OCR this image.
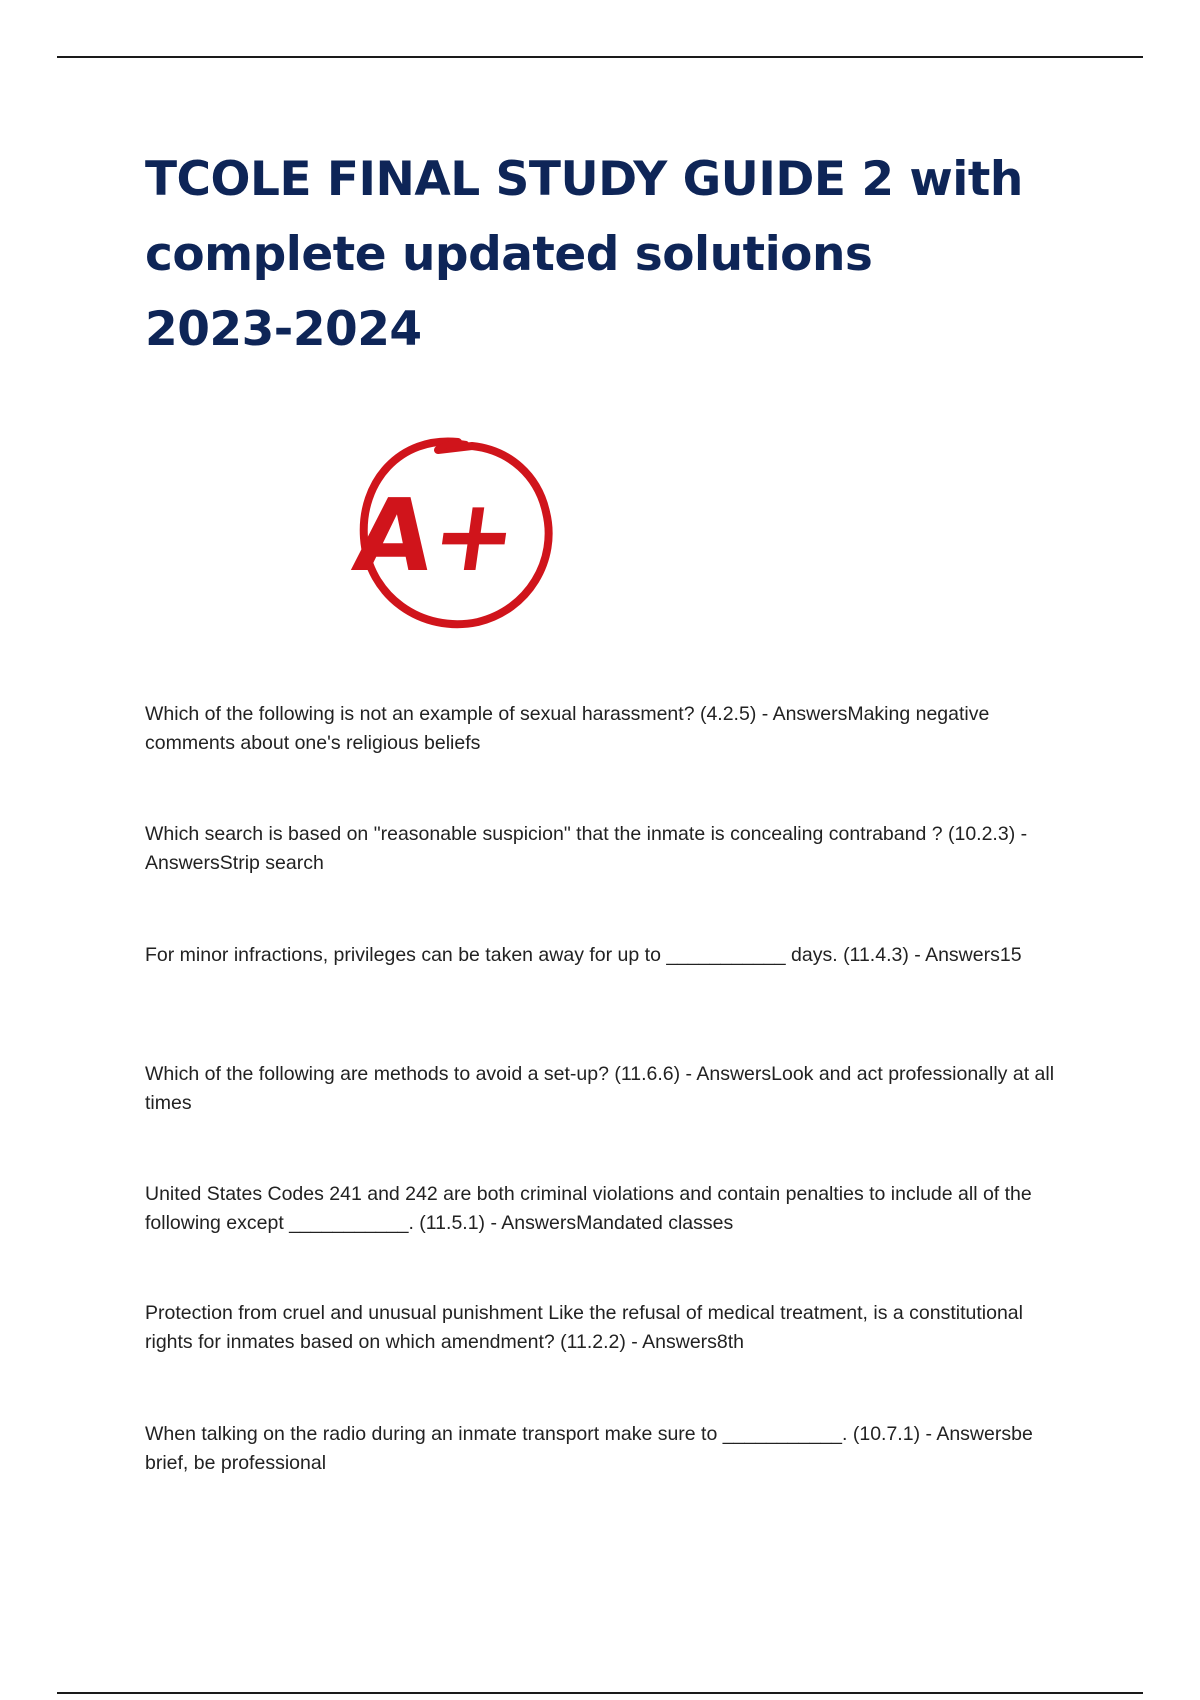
TCOLE FINAL STUDY GUIDE 2 with complete updated solutions 2023-2024
A+

Which of the following is not an example of sexual harassment? (4.2.5) - AnswersMaking negative comments about one's religious beliefs

Which search is based on "reasonable suspicion" that the inmate is concealing contraband ? (10.2.3) - AnswersStrip search

For minor infractions, privileges can be taken away for up to ___________ days. (11.4.3) - Answers15

Which of the following are methods to avoid a set-up? (11.6.6) - AnswersLook and act professionally at all times

United States Codes 241 and 242 are both criminal violations and contain penalties to include all of the following except ___________. (11.5.1) - AnswersMandated classes

Protection from cruel and unusual punishment Like the refusal of medical treatment, is a constitutional rights for inmates based on which amendment? (11.2.2) - Answers8th

When talking on the radio during an inmate transport make sure to ___________. (10.7.1) - Answersbe brief, be professional
